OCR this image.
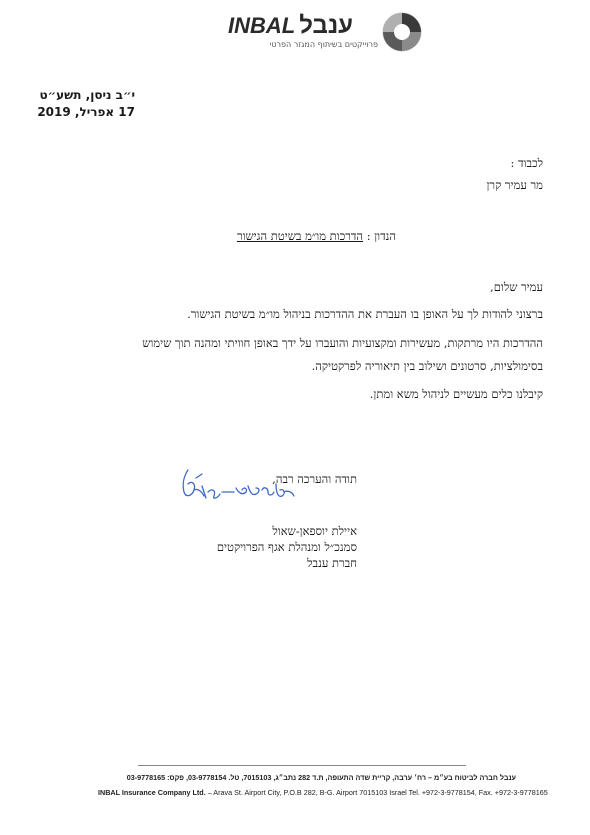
INBAL ענבל
פרוייקטים בשיתוף המגזר הפרטי
י״ב ניסן, תשע״ט
17 אפריל, 2019
לכבוד :
מר עמיר קרן
הנדון : הדרכות מו״מ בשיטת הגישור
עמיר שלום,
ברצוני להודות לך על האופן בו העברת את ההדרכות בניהול מו״מ בשיטת הגישור.
ההדרכות היו מרתקות, מעשירות ומקצועיות והועברו על ידך באופן חוויתי ומהנה תוך שימוש
בסימולציות, סרטונים ושילוב בין תיאוריה לפרקטיקה.
קיבלנו כלים מעשיים לניהול משא ומתן.
תודה והערכה רבה,
איילת יוספאן-שאול
סמנכ״ל ומנהלת אגף הפרויקטים
חברת ענבל
ענבל חברה לביטוח בע״מ – רח׳ ערבה, קריית שדה התעופה, ת.ד 282 נתב״ג, 7015103, טל. 03-9778154, פקס: 03-9778165
INBAL Insurance Company Ltd. – Arava St. Airport City, P.O.B 282, B-G. Airport 7015103 Israel Tel. +972-3-9778154, Fax. +972-3-9778165
